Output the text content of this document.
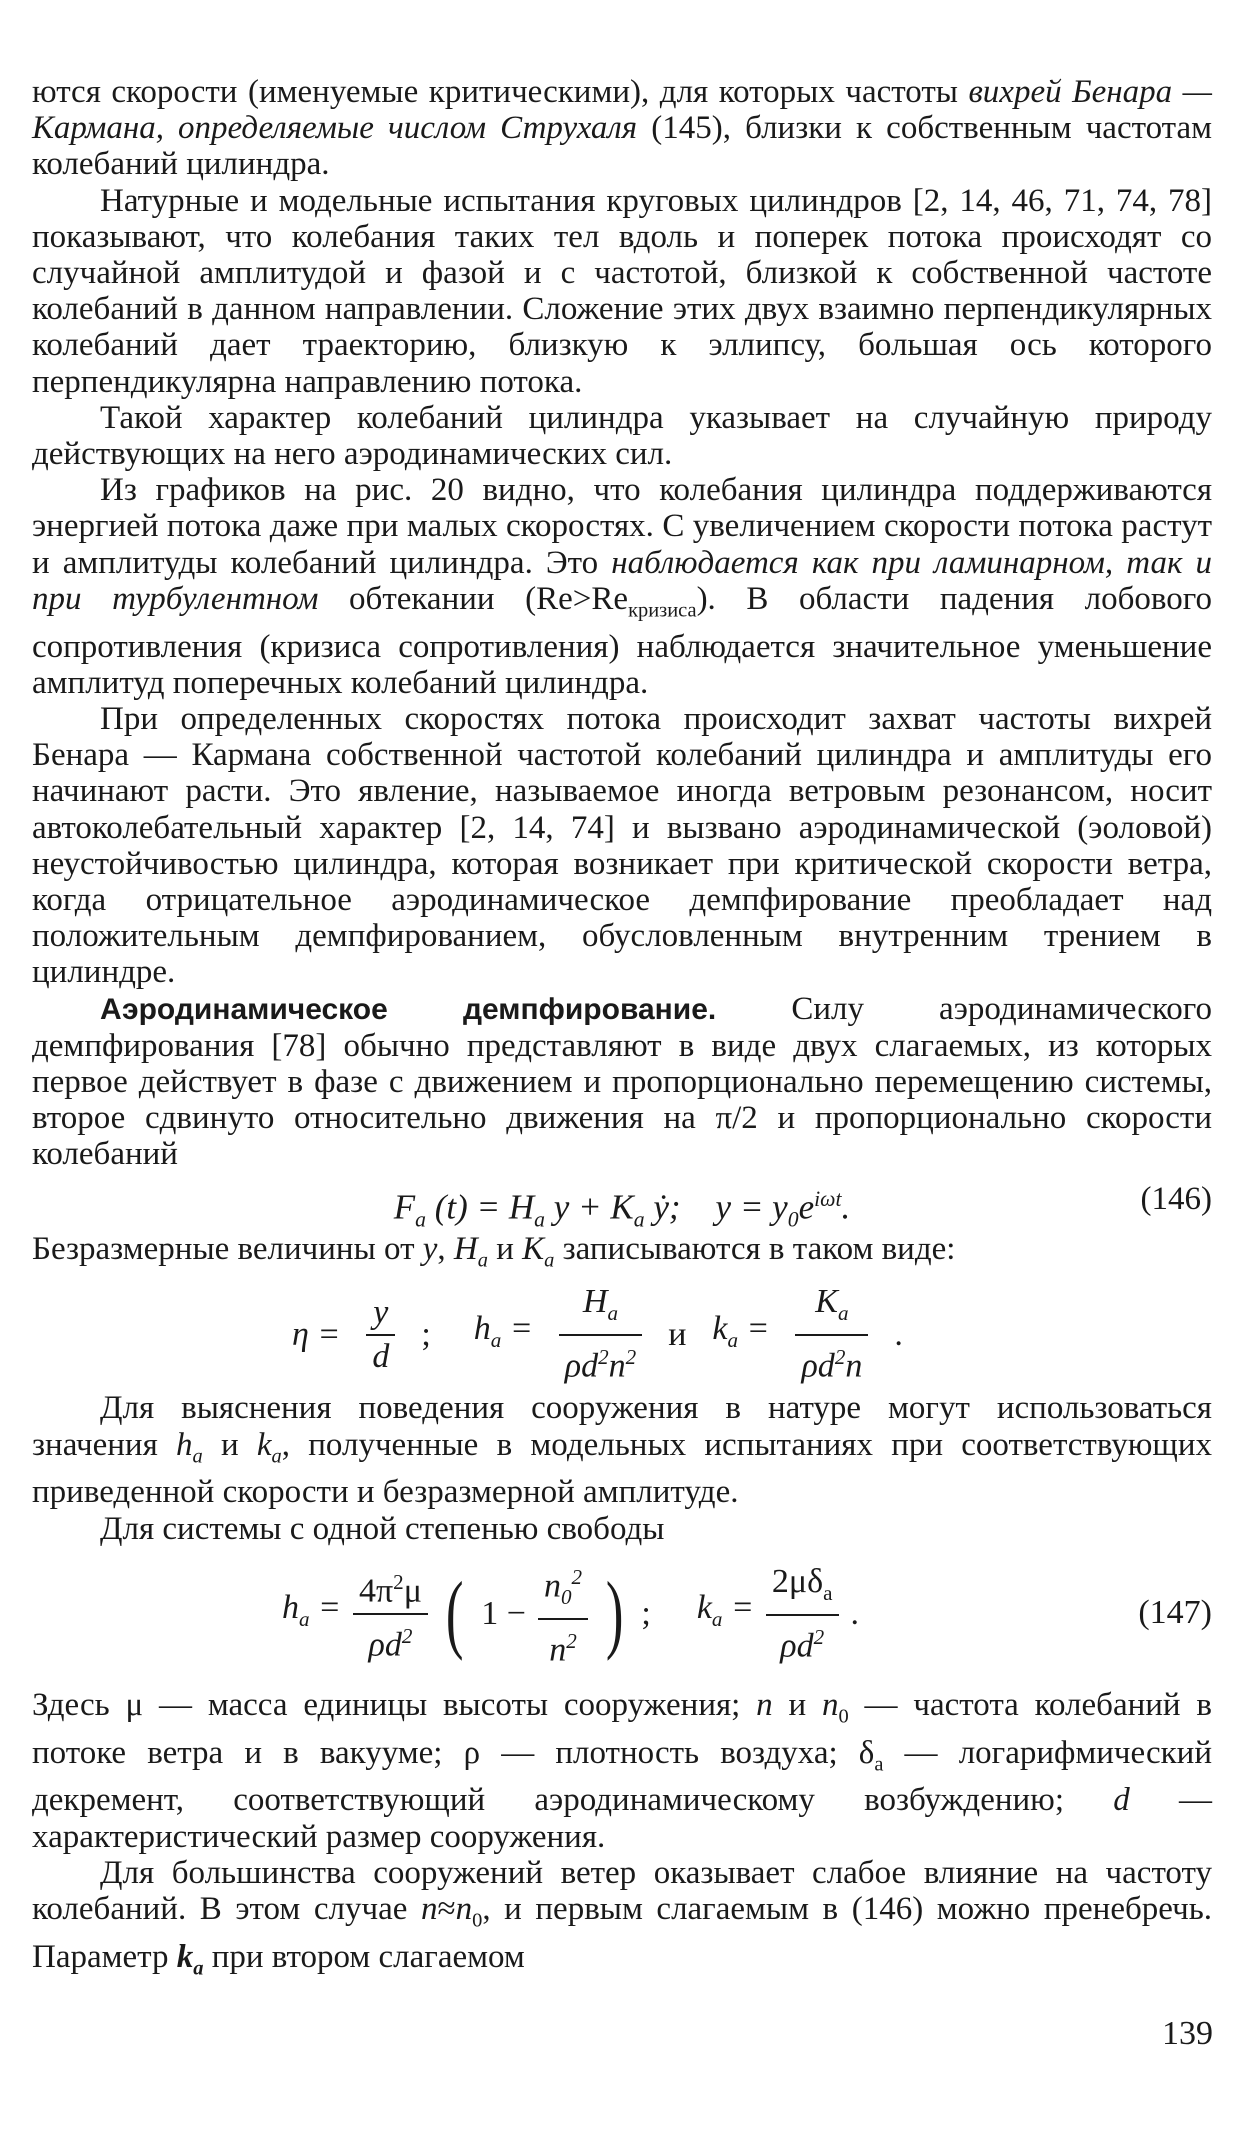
ются скорости (именуемые критическими), для которых частоты вихрей Бенара — Кармана, определяемые числом Струхаля (145), близки к собственным частотам колебаний цилиндра.

Натурные и модельные испытания круговых цилиндров [2, 14, 46, 71, 74, 78] показывают, что колебания таких тел вдоль и поперек потока происходят со случайной амплитудой и фазой и с частотой, близкой к собственной частоте колебаний в данном направлении. Сложение этих двух взаимно перпендикулярных колебаний дает траекторию, близкую к эллипсу, большая ось которого перпендикулярна направлению потока.

Такой характер колебаний цилиндра указывает на случайную природу действующих на него аэродинамических сил.

Из графиков на рис. 20 видно, что колебания цилиндра поддерживаются энергией потока даже при малых скоростях. С увеличением скорости потока растут и амплитуды колебаний цилиндра. Это наблюдается как при ламинарном, так и при турбулентном обтекании $(Re>Re_{кризиса})$. В области падения лобового сопротивления (кризиса сопротивления) наблюдается значительное уменьшение амплитуд поперечных колебаний цилиндра.

При определенных скоростях потока происходит захват частоты вихрей Бенара — Кармана собственной частотой колебаний цилиндра и амплитуды его начинают расти. Это явление, называемое иногда ветровым резонансом, носит автоколебательный характер [2, 14, 74] и вызвано аэродинамической (эоловой) неустойчивостью цилиндра, которая возникает при критической скорости ветра, когда отрицательное аэродинамическое демпфирование преобладает над положительным демпфированием, обусловленным внутренним трением в цилиндре.

Аэродинамическое демпфирование. Силу аэродинамического демпфирования [78] обычно представляют в виде двух слагаемых, из которых первое действует в фазе с движением и пропорционально перемещению системы, второе сдвинуто относительно движения на π/2 и пропорционально скорости колебаний

$F_a$ $(t) = H_a$ $y + K_a$ ẏ;    $y = y_0e^{i\omega t}$.	(146)

Безразмерные величины от y, $H_a$ и $K_a$ записываются в таком виде:

$\eta = \frac{y}{d}$ ; $h_a = \frac{H_a}{\rho d^2n^2}$ и $k_a = \frac{K_a}{\rho d^2n}$ .

Для выяснения поведения сооружения в натуре могут использоваться значения $h_a$ и $k_a$, полученные в модельных испытаниях при соответствующих приведенной скорости и безразмерной амплитуде.

Для системы с одной степенью свободы

$h_a = \frac{4\pi^2\mu}{\rho d^2}$ ( $1 - \frac{n_0^2}{n^2}$ ) ; $k_a = \frac{2\mu\delta_a}{\rho d^2}$ .	(147)

Здесь μ — масса единицы высоты сооружения; n и $n_0$ — частота колебаний в потоке ветра и в вакууме; ρ — плотность воздуха; $\delta_a$ — логарифмический декремент, соответствующий аэродинамическому возбуждению; d — характеристический размер сооружения.

Для большинства сооружений ветер оказывает слабое влияние на частоту колебаний. В этом случае $n\approx n_0$, и первым слагаемым в (146) можно пренебречь. Параметр $k_a$ при втором слагаемом

139
